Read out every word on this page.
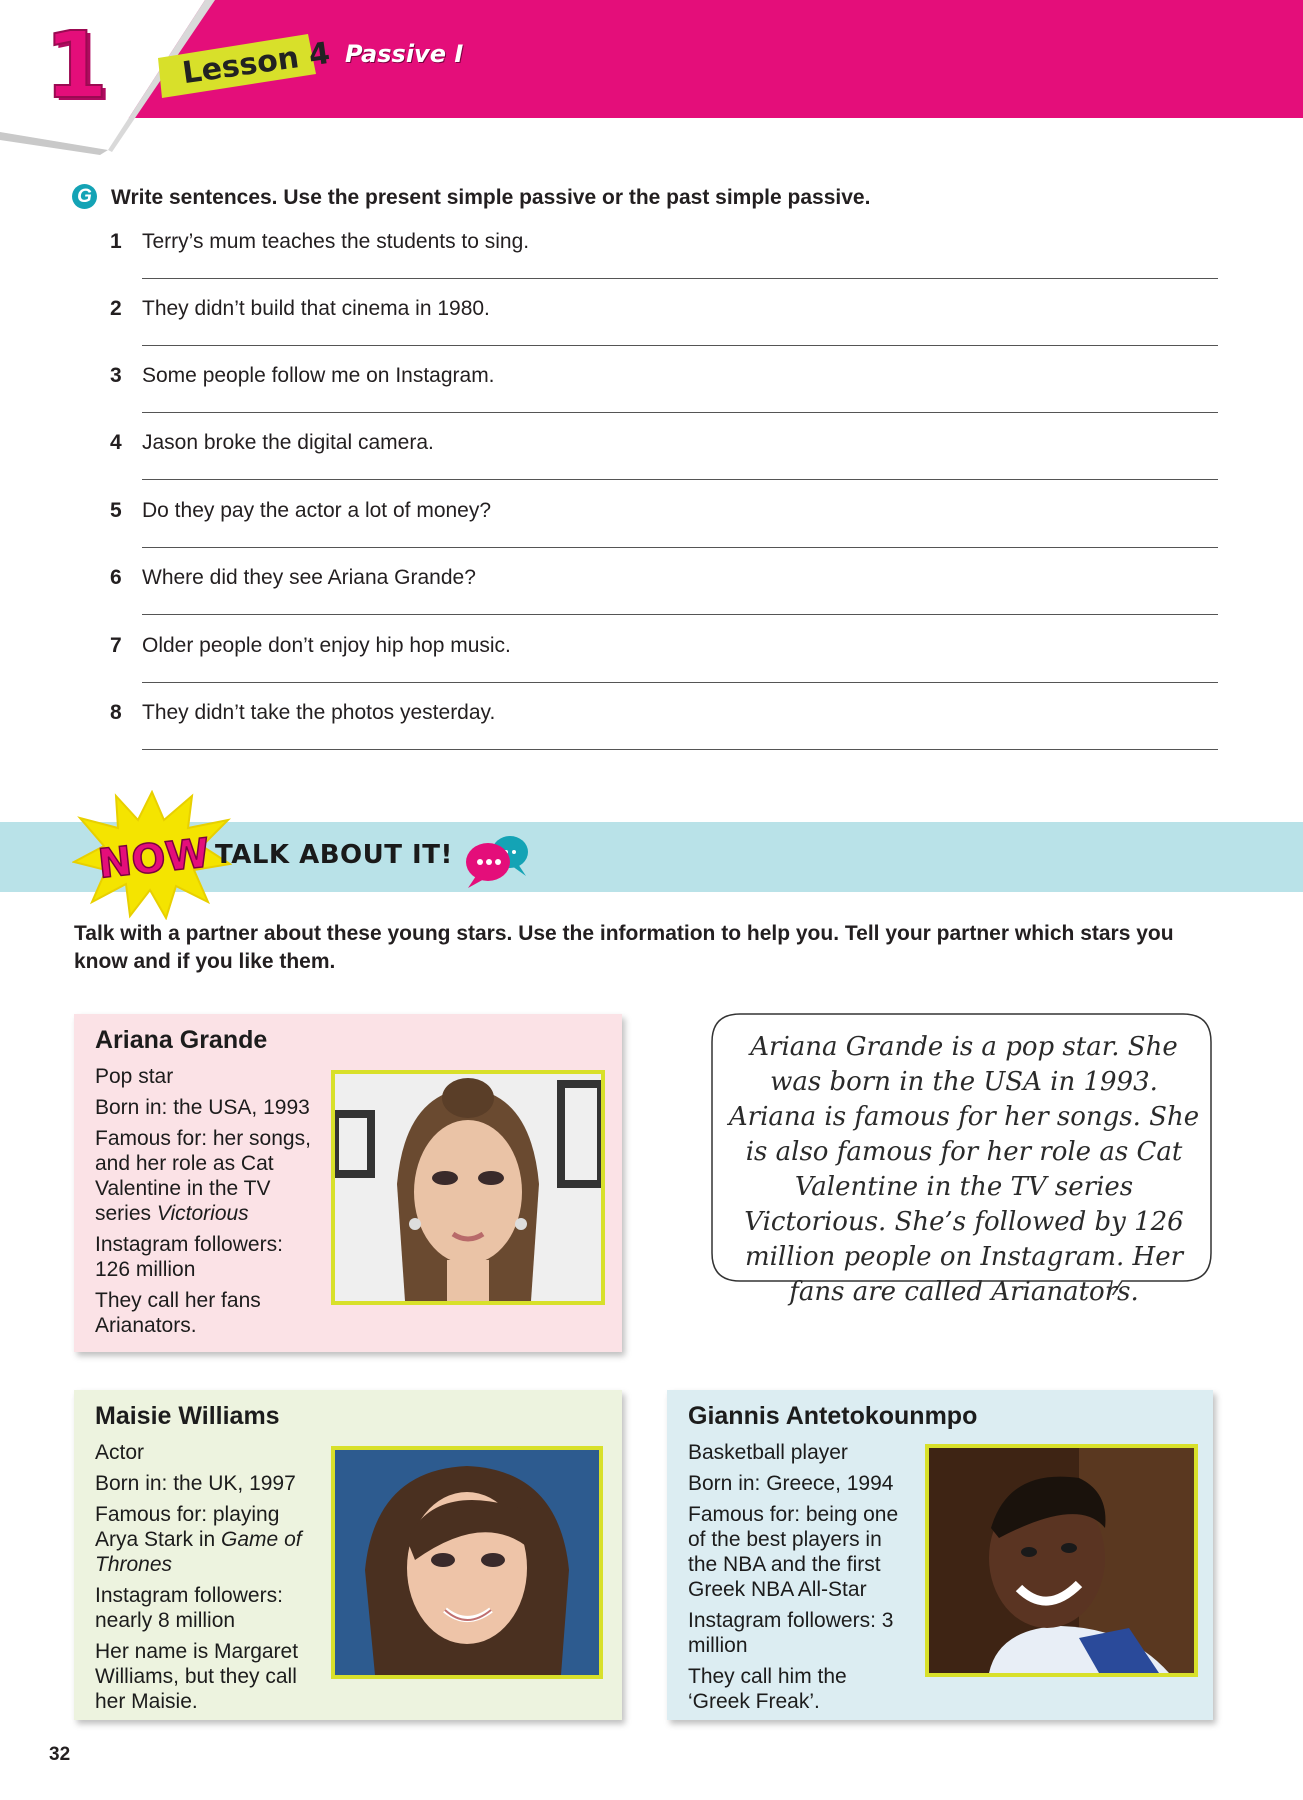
1 Lesson 4 Passive I
G Write sentences. Use the present simple passive or the past simple passive.
1 Terry’s mum teaches the students to sing.
2 They didn’t build that cinema in 1980.
3 Some people follow me on Instagram.
4 Jason broke the digital camera.
5 Do they pay the actor a lot of money?
6 Where did they see Ariana Grande?
7 Older people don’t enjoy hip hop music.
8 They didn’t take the photos yesterday.
NOW TALK ABOUT IT!
Talk with a partner about these young stars. Use the information to help you. Tell your partner which stars you know and if you like them.
Ariana Grande

Pop star

Born in: the USA, 1993

Famous for: her songs, and her role as Cat Valentine in the TV series Victorious

Instagram followers: 126 million

They call her fans Arianators.

Ariana Grande is a pop star. She was born in the USA in 1993. Ariana is famous for her songs. She is also famous for her role as Cat Valentine in the TV series Victorious. She’s followed by 126 million people on Instagram. Her fans are called Arianators.
Maisie Williams

Actor

Born in: the UK, 1997

Famous for: playing Arya Stark in Game of Thrones

Instagram followers: nearly 8 million

Her name is Margaret Williams, but they call her Maisie.

Giannis Antetokounmpo

Basketball player

Born in: Greece, 1994

Famous for: being one of the best players in the NBA and the first Greek NBA All-Star

Instagram followers: 3 million

They call him the ‘Greek Freak’.

32
